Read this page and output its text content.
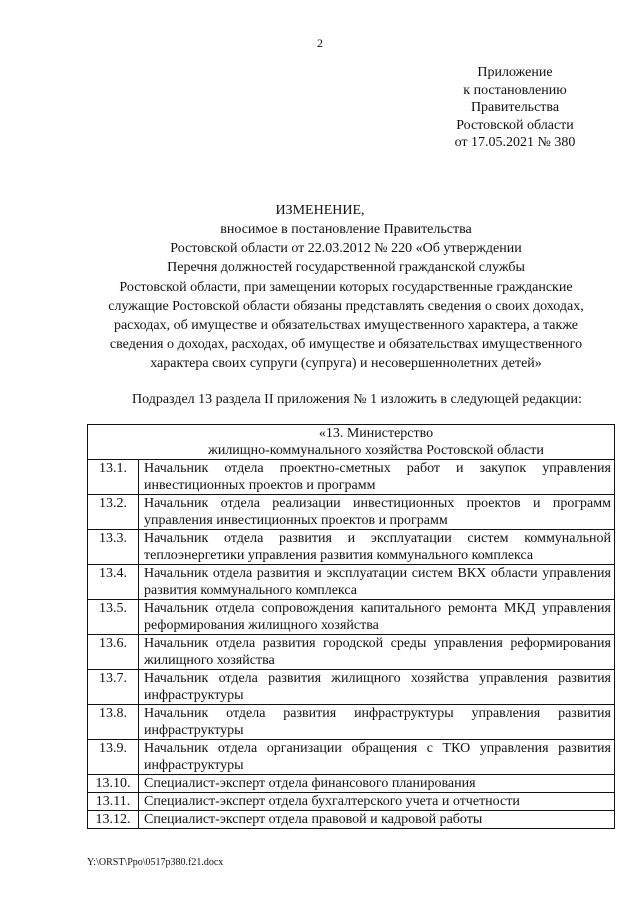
2
Приложение
к постановлению
Правительства
Ростовской области
от 17.05.2021 № 380
ИЗМЕНЕНИЕ,
вносимое в постановление Правительства
Ростовской области от 22.03.2012 № 220 «Об утверждении
Перечня должностей государственной гражданской службы
Ростовской области, при замещении которых государственные гражданские
служащие Ростовской области обязаны представлять сведения о своих доходах,
расходах, об имуществе и обязательствах имущественного характера, а также
сведения о доходах, расходах, об имуществе и обязательствах имущественного
характера своих супруги (супруга) и несовершеннолетних детей»
Подраздел 13 раздела II приложения № 1 изложить в следующей редакции:
«13. Министерство
жилищно-коммунального хозяйства Ростовской области	

13.1.	Начальник отдела проектно-сметных работ и закупок управления инвестиционных проектов и программ
13.2.	Начальник отдела реализации инвестиционных проектов и программ управления инвестиционных проектов и программ
13.3.	Начальник отдела развития и эксплуатации систем коммунальной теплоэнергетики управления развития коммунального комплекса
13.4.	Начальник отдела развития и эксплуатации систем ВКХ области управления развития коммунального комплекса
13.5.	Начальник отдела сопровождения капитального ремонта МКД управления реформирования жилищного хозяйства
13.6.	Начальник отдела развития городской среды управления реформирования жилищного хозяйства
13.7.	Начальник отдела развития жилищного хозяйства управления развития инфраструктуры
13.8.	Начальник отдела развития инфраструктуры управления развития инфраструктуры
13.9.	Начальник отдела организации обращения с ТКО управления развития инфраструктуры
13.10.	Специалист-эксперт отдела финансового планирования
13.11.	Специалист-эксперт отдела бухгалтерского учета и отчетности
13.12.	Специалист-эксперт отдела правовой и кадровой работы
Y:\ORST\Ppo\0517p380.f21.docx
